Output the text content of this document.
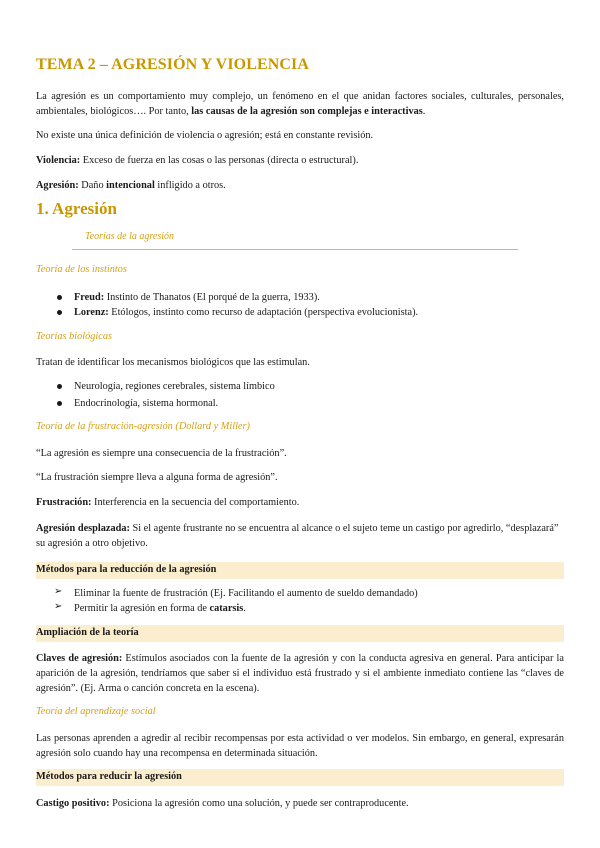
TEMA 2 – AGRESIÓN Y VIOLENCIA

La agresión es un comportamiento muy complejo, un fenómeno en el que anidan factores sociales, culturales, personales, ambientales, biológicos…. Por tanto, las causas de la agresión son complejas e interactivas.

No existe una única definición de violencia o agresión; está en constante revisión.

Violencia: Exceso de fuerza en las cosas o las personas (directa o estructural).

Agresión: Daño intencional infligido a otros.

1. Agresión
Teorías de la agresión
Teoría de los instintos
Freud: Instinto de Thanatos (El porqué de la guerra, 1933).
Lorenz: Etólogos, instinto como recurso de adaptación (perspectiva evolucionista).
Teorías biológicas

Tratan de identificar los mecanismos biológicos que las estimulan.

Neurología, regiones cerebrales, sistema límbico
Endocrinología, sistema hormonal.
Teoría de la frustración-agresión (Dollard y Miller)

“La agresión es siempre una consecuencia de la frustración”.

“La frustración siempre lleva a alguna forma de agresión”.

Frustración: Interferencia en la secuencia del comportamiento.

Agresión desplazada: Si el agente frustrante no se encuentra al alcance o el sujeto teme un castigo por agredirlo, “desplazará” su agresión a otro objetivo.

Métodos para la reducción de la agresión
➢ Eliminar la fuente de frustración (Ej. Facilitando el aumento de sueldo demandado)
➢ Permitir la agresión en forma de catarsis.
Ampliación de la teoría

Claves de agresión: Estímulos asociados con la fuente de la agresión y con la conducta agresiva en general. Para anticipar la aparición de la agresión, tendríamos que saber si el individuo está frustrado y si el ambiente inmediato contiene las “claves de agresión”. (Ej. Arma o canción concreta en la escena).

Teoría del aprendizaje social

Las personas aprenden a agredir al recibir recompensas por esta actividad o ver modelos. Sin embargo, en general, expresarán agresión solo cuando hay una recompensa en determinada situación.

Métodos para reducir la agresión

Castigo positivo: Posiciona la agresión como una solución, y puede ser contraproducente.
